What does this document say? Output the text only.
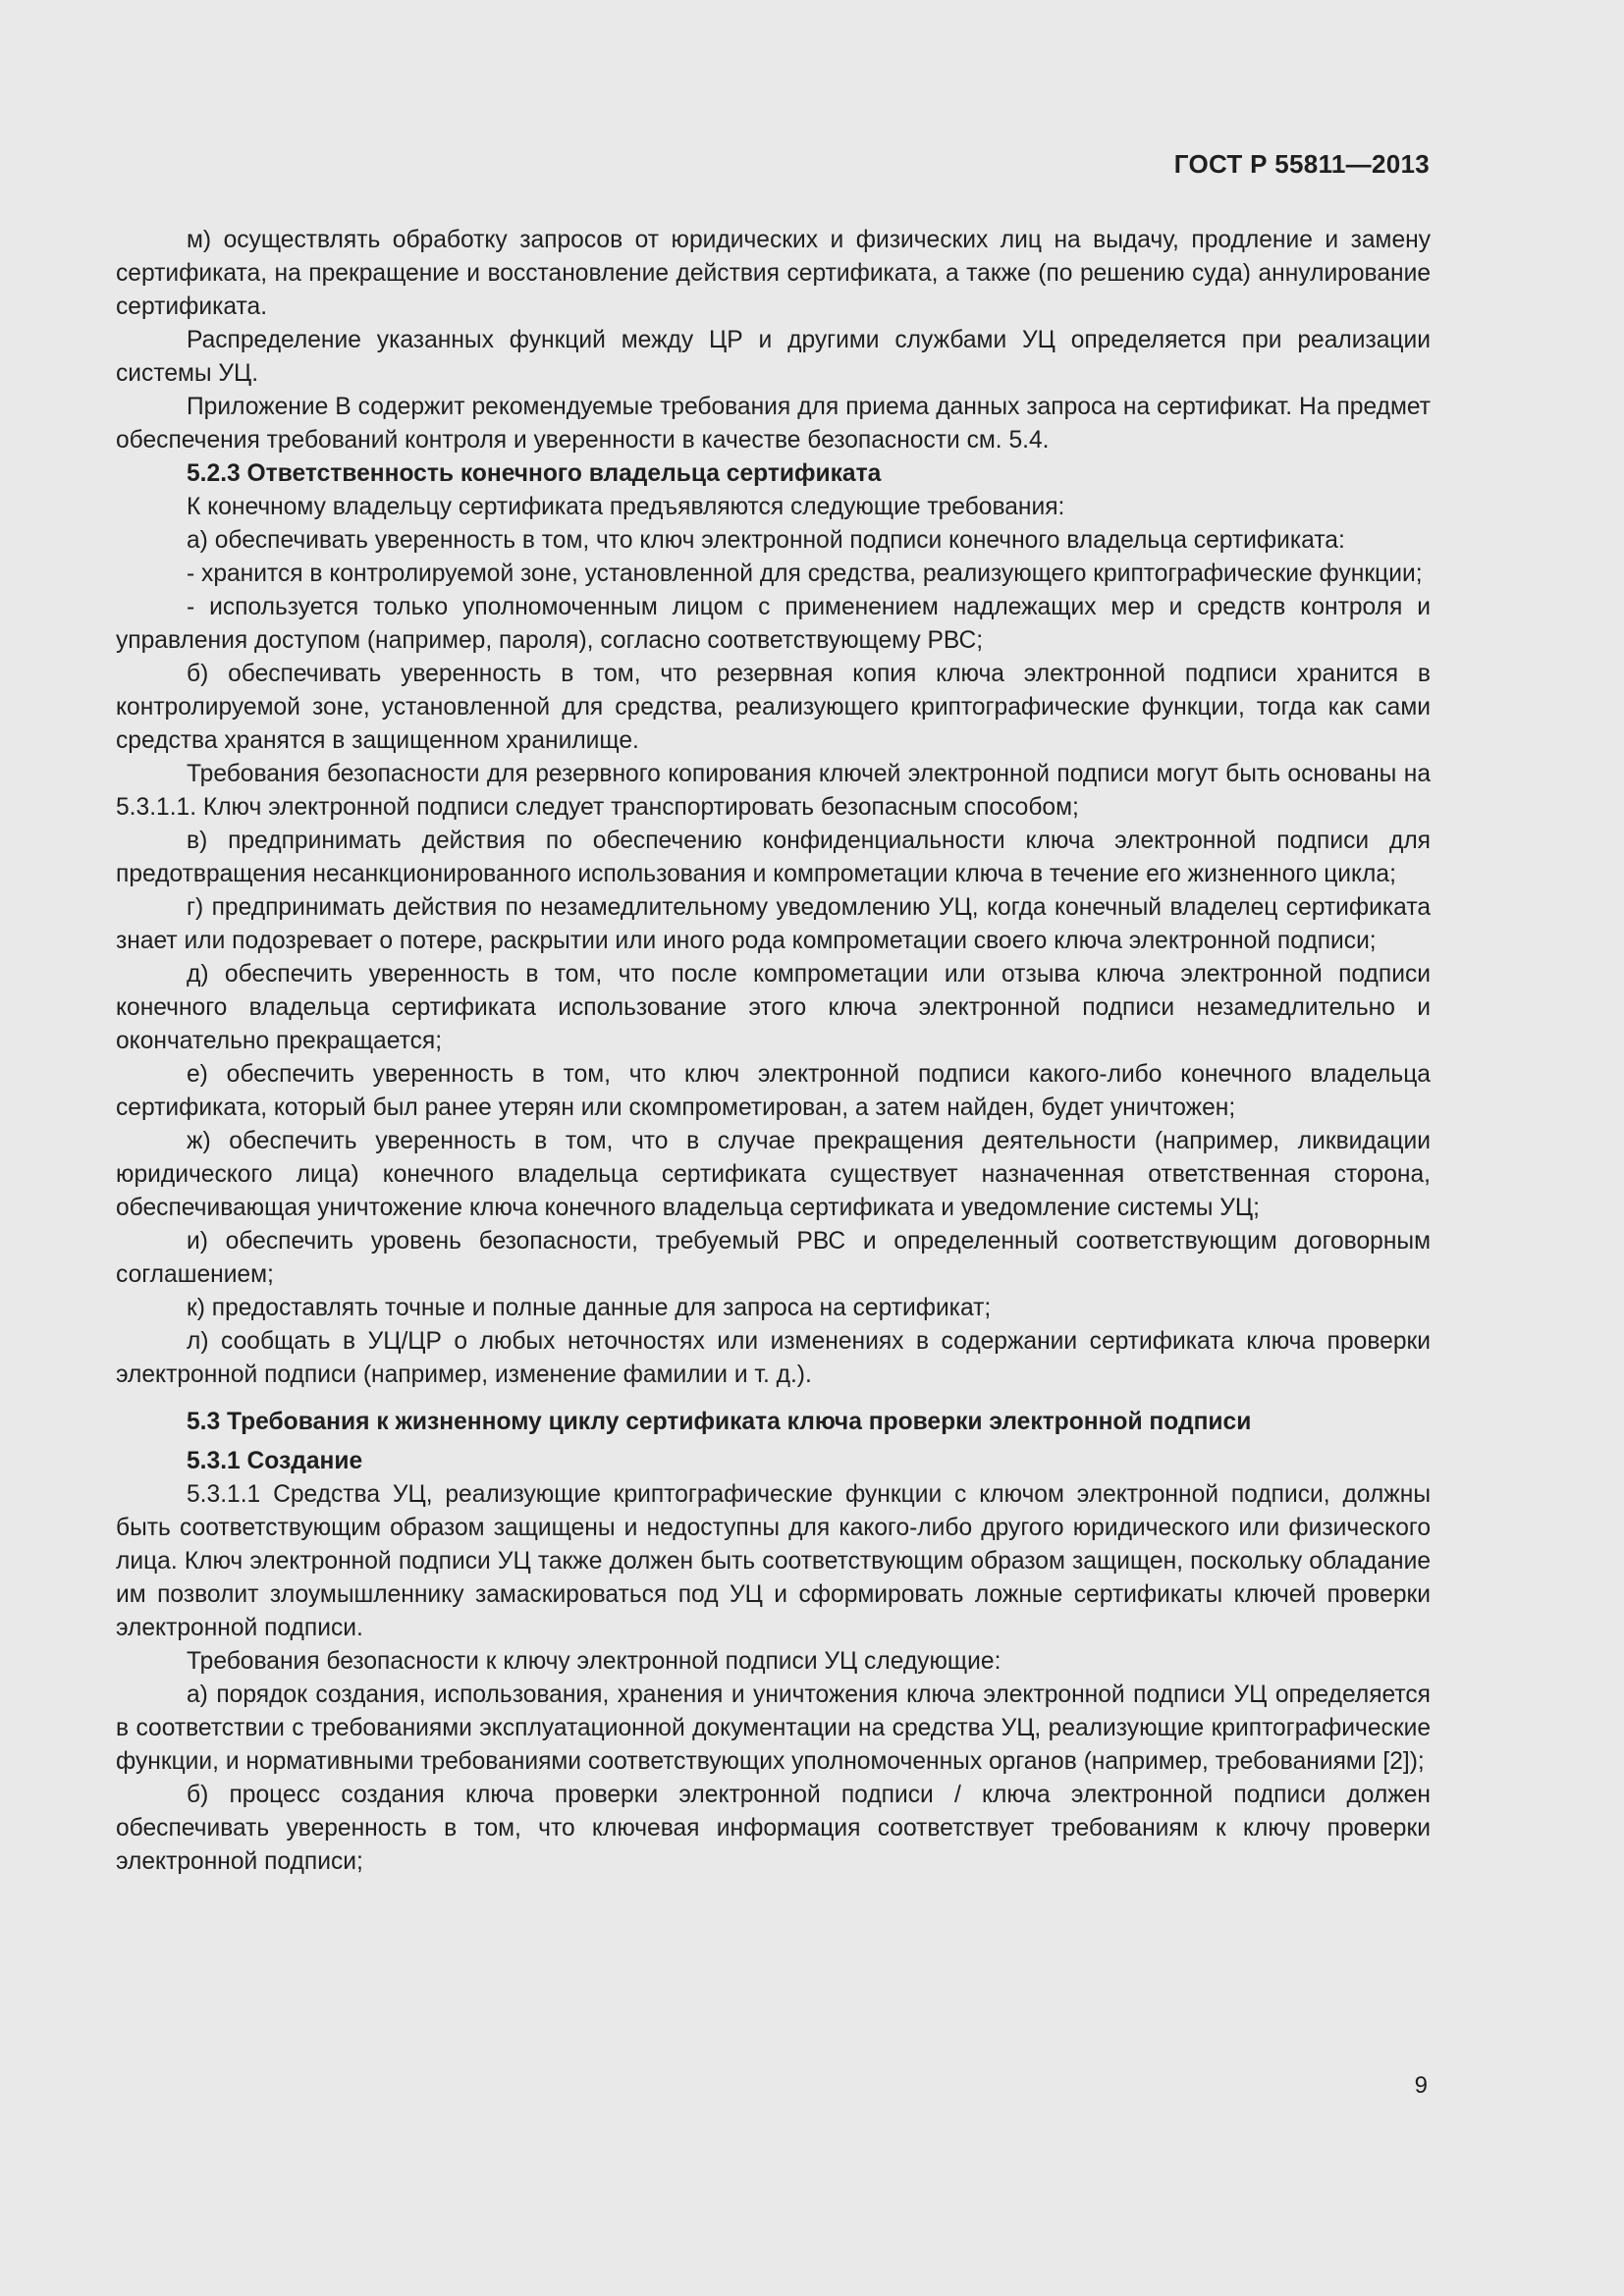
ГОСТ Р 55811—2013

м) осуществлять обработку запросов от юридических и физических лиц на выдачу, продление и замену сертификата, на прекращение и восстановление действия сертификата, а также (по решению суда) аннулирование сертификата.

Распределение указанных функций между ЦР и другими службами УЦ определяется при реализации системы УЦ.

Приложение В содержит рекомендуемые требования для приема данных запроса на сертификат. На предмет обеспечения требований контроля и уверенности в качестве безопасности см. 5.4.

5.2.3 Ответственность конечного владельца сертификата

К конечному владельцу сертификата предъявляются следующие требования:

а) обеспечивать уверенность в том, что ключ электронной подписи конечного владельца сертификата:

- хранится в контролируемой зоне, установленной для средства, реализующего криптографические функции;

- используется только уполномоченным лицом с применением надлежащих мер и средств контроля и управления доступом (например, пароля), согласно соответствующему РВС;

б) обеспечивать уверенность в том, что резервная копия ключа электронной подписи хранится в контролируемой зоне, установленной для средства, реализующего криптографические функции, тогда как сами средства хранятся в защищенном хранилище.

Требования безопасности для резервного копирования ключей электронной подписи могут быть основаны на 5.3.1.1. Ключ электронной подписи следует транспортировать безопасным способом;

в) предпринимать действия по обеспечению конфиденциальности ключа электронной подписи для предотвращения несанкционированного использования и компрометации ключа в течение его жизненного цикла;

г) предпринимать действия по незамедлительному уведомлению УЦ, когда конечный владелец сертификата знает или подозревает о потере, раскрытии или иного рода компрометации своего ключа электронной подписи;

д) обеспечить уверенность в том, что после компрометации или отзыва ключа электронной подписи конечного владельца сертификата использование этого ключа электронной подписи незамедлительно и окончательно прекращается;

е) обеспечить уверенность в том, что ключ электронной подписи какого-либо конечного владельца сертификата, который был ранее утерян или скомпрометирован, а затем найден, будет уничтожен;

ж) обеспечить уверенность в том, что в случае прекращения деятельности (например, ликвидации юридического лица) конечного владельца сертификата существует назначенная ответственная сторона, обеспечивающая уничтожение ключа конечного владельца сертификата и уведомление системы УЦ;

и) обеспечить уровень безопасности, требуемый РВС и определенный соответствующим договорным соглашением;

к) предоставлять точные и полные данные для запроса на сертификат;

л) сообщать в УЦ/ЦР о любых неточностях или изменениях в содержании сертификата ключа проверки электронной подписи (например, изменение фамилии и т. д.).

5.3 Требования к жизненному циклу сертификата ключа проверки электронной подписи

5.3.1 Создание

5.3.1.1 Средства УЦ, реализующие криптографические функции с ключом электронной подписи, должны быть соответствующим образом защищены и недоступны для какого-либо другого юридического или физического лица. Ключ электронной подписи УЦ также должен быть соответствующим образом защищен, поскольку обладание им позволит злоумышленнику замаскироваться под УЦ и сформировать ложные сертификаты ключей проверки электронной подписи.

Требования безопасности к ключу электронной подписи УЦ следующие:

а) порядок создания, использования, хранения и уничтожения ключа электронной подписи УЦ определяется в соответствии с требованиями эксплуатационной документации на средства УЦ, реализующие криптографические функции, и нормативными требованиями соответствующих уполномоченных органов (например, требованиями [2]);

б) процесс создания ключа проверки электронной подписи / ключа электронной подписи должен обеспечивать уверенность в том, что ключевая информация соответствует требованиям к ключу проверки электронной подписи;

9
